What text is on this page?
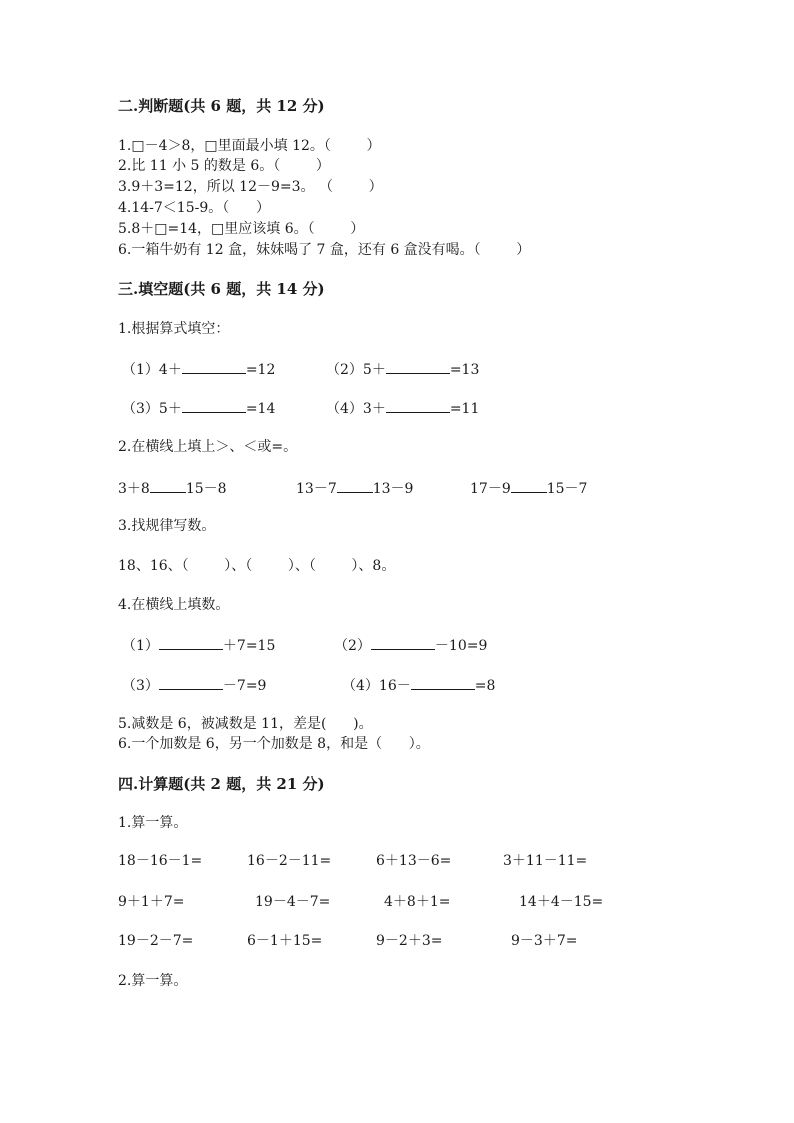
二.判断题(共 6 题，共 12 分)
1.□－4＞8，□里面最小填 12。（        ）
2.比 11 小 5 的数是 6。（        ）
3.9＋3=12，所以 12－9=3。 （        ）
4.14-7＜15-9。（      ）
5.8＋□=14，□里应该填 6。（        ）
6.一箱牛奶有 12 盒，妹妹喝了 7 盒，还有 6 盒没有喝。（        ）
三.填空题(共 6 题，共 14 分)
1.根据算式填空：
（1）4＋	=12	（2）5＋	=13
（3）5＋	=14	（4）3＋	=11
2.在横线上填上＞、＜或=。
3＋8	15－8	13－7	13－9	17－9	15－7
3.找规律写数。
18、16、（        ）、（        ）、（        ）、8。
4.在横线上填数。
（1）	＋7=15	（2）	－10=9
（3）	－7=9	（4）16－	=8
5.减数是 6，被减数是 11，差是(      )。
6.一个加数是 6，另一个加数是 8，和是（      ）。
四.计算题(共 2 题，共 21 分)
1.算一算。
18－16－1=	16－2－11=	6＋13－6=	3＋11－11=
9＋1＋7=	19－4－7=	4＋8＋1=	14＋4－15=
19－2－7=	6－1＋15=	9－2＋3=	9－3＋7=
2.算一算。
